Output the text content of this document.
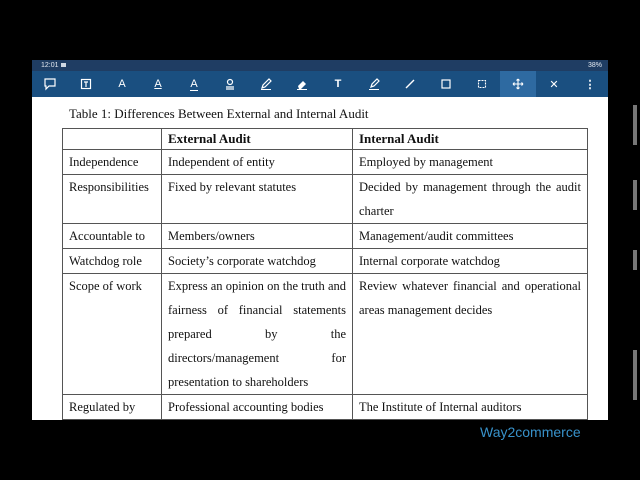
12:01	38%
A	A	A	T	✕ ⋮
Table 1: Differences Between External and Internal Audit
	External Audit	Internal Audit
Independence	Independent of entity	Employed by management
Responsibilities	Fixed by relevant statutes	Decided by management through the audit charter
Accountable to	Members/owners	Management/audit committees
Watchdog role	Society’s corporate watchdog	Internal corporate watchdog
Scope of work	Express an opinion on the truth and fairness of financial statements prepared by the directors/management for presentation to shareholders	Review whatever financial and operational areas management decides
Regulated by	Professional accounting bodies	The Institute of Internal auditors
Way2commerce
